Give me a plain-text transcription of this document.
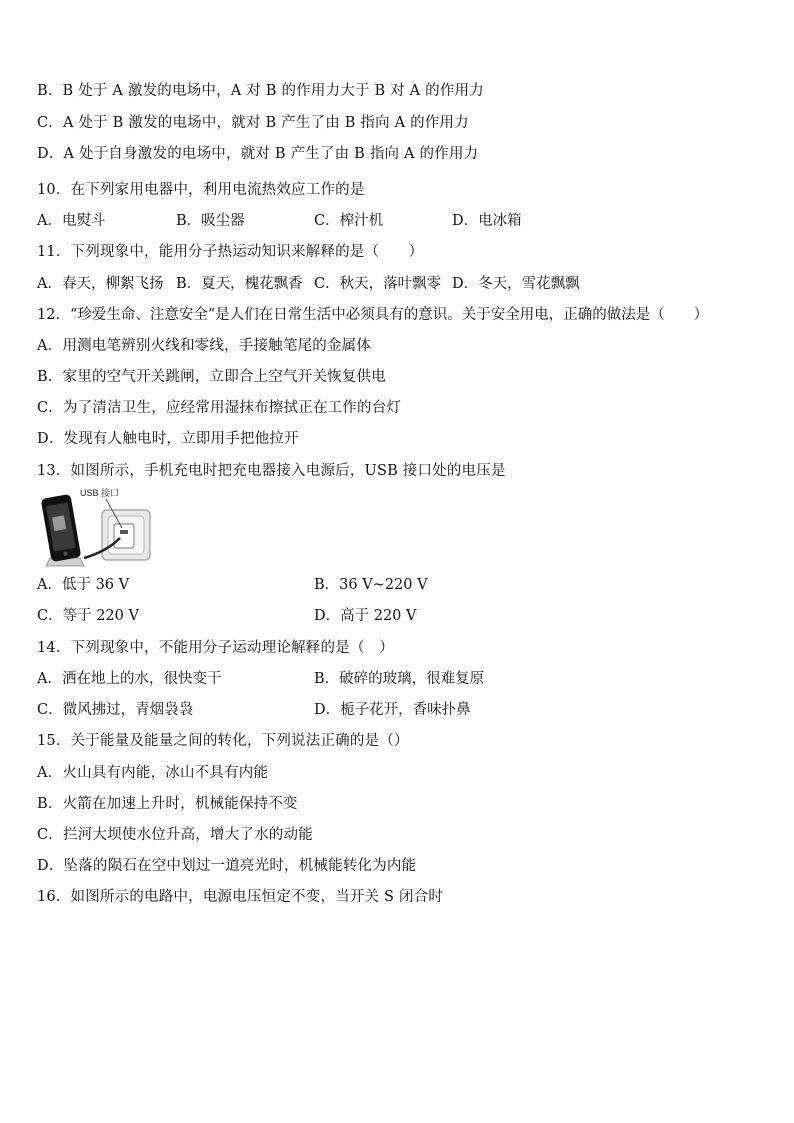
B．B 处于 A 激发的电场中，A 对 B 的作用力大于 B 对 A 的作用力
C．A 处于 B 激发的电场中，就对 B 产生了由 B 指向 A 的作用力
D．A 处于自身激发的电场中，就对 B 产生了由 B 指向 A 的作用力
10．在下列家用电器中，利用电流热效应工作的是
A．电熨斗	B．吸尘器	C．榨汁机	D．电冰箱
11．下列现象中，能用分子热运动知识来解释的是（　　）
A．春天，柳絮飞扬 B．夏天，槐花飘香 C．秋天，落叶飘零 D．冬天，雪花飘飘
12．“珍爱生命、注意安全”是人们在日常生活中必须具有的意识。关于安全用电，正确的做法是（　　）
A．用测电笔辨别火线和零线，手接触笔尾的金属体
B．家里的空气开关跳闸，立即合上空气开关恢复供电
C．为了清洁卫生，应经常用湿抹布擦拭正在工作的台灯
D．发现有人触电时，立即用手把他拉开
13．如图所示，手机充电时把充电器接入电源后，USB 接口处的电压是
USB 接口
A．低于 36 V	B．36 V~220 V
C．等于 220 V	D．高于 220 V
14．下列现象中，不能用分子运动理论解释的是（　）
A．洒在地上的水，很快变干	B．破碎的玻璃，很难复原
C．微风拂过，青烟袅袅	D．栀子花开，香味扑鼻
15．关于能量及能量之间的转化，下列说法正确的是（）
A．火山具有内能，冰山不具有内能
B．火箭在加速上升时，机械能保持不变
C．拦河大坝使水位升高，增大了水的动能
D．坠落的陨石在空中划过一道亮光时，机械能转化为内能
16．如图所示的电路中，电源电压恒定不变，当开关 S 闭合时
